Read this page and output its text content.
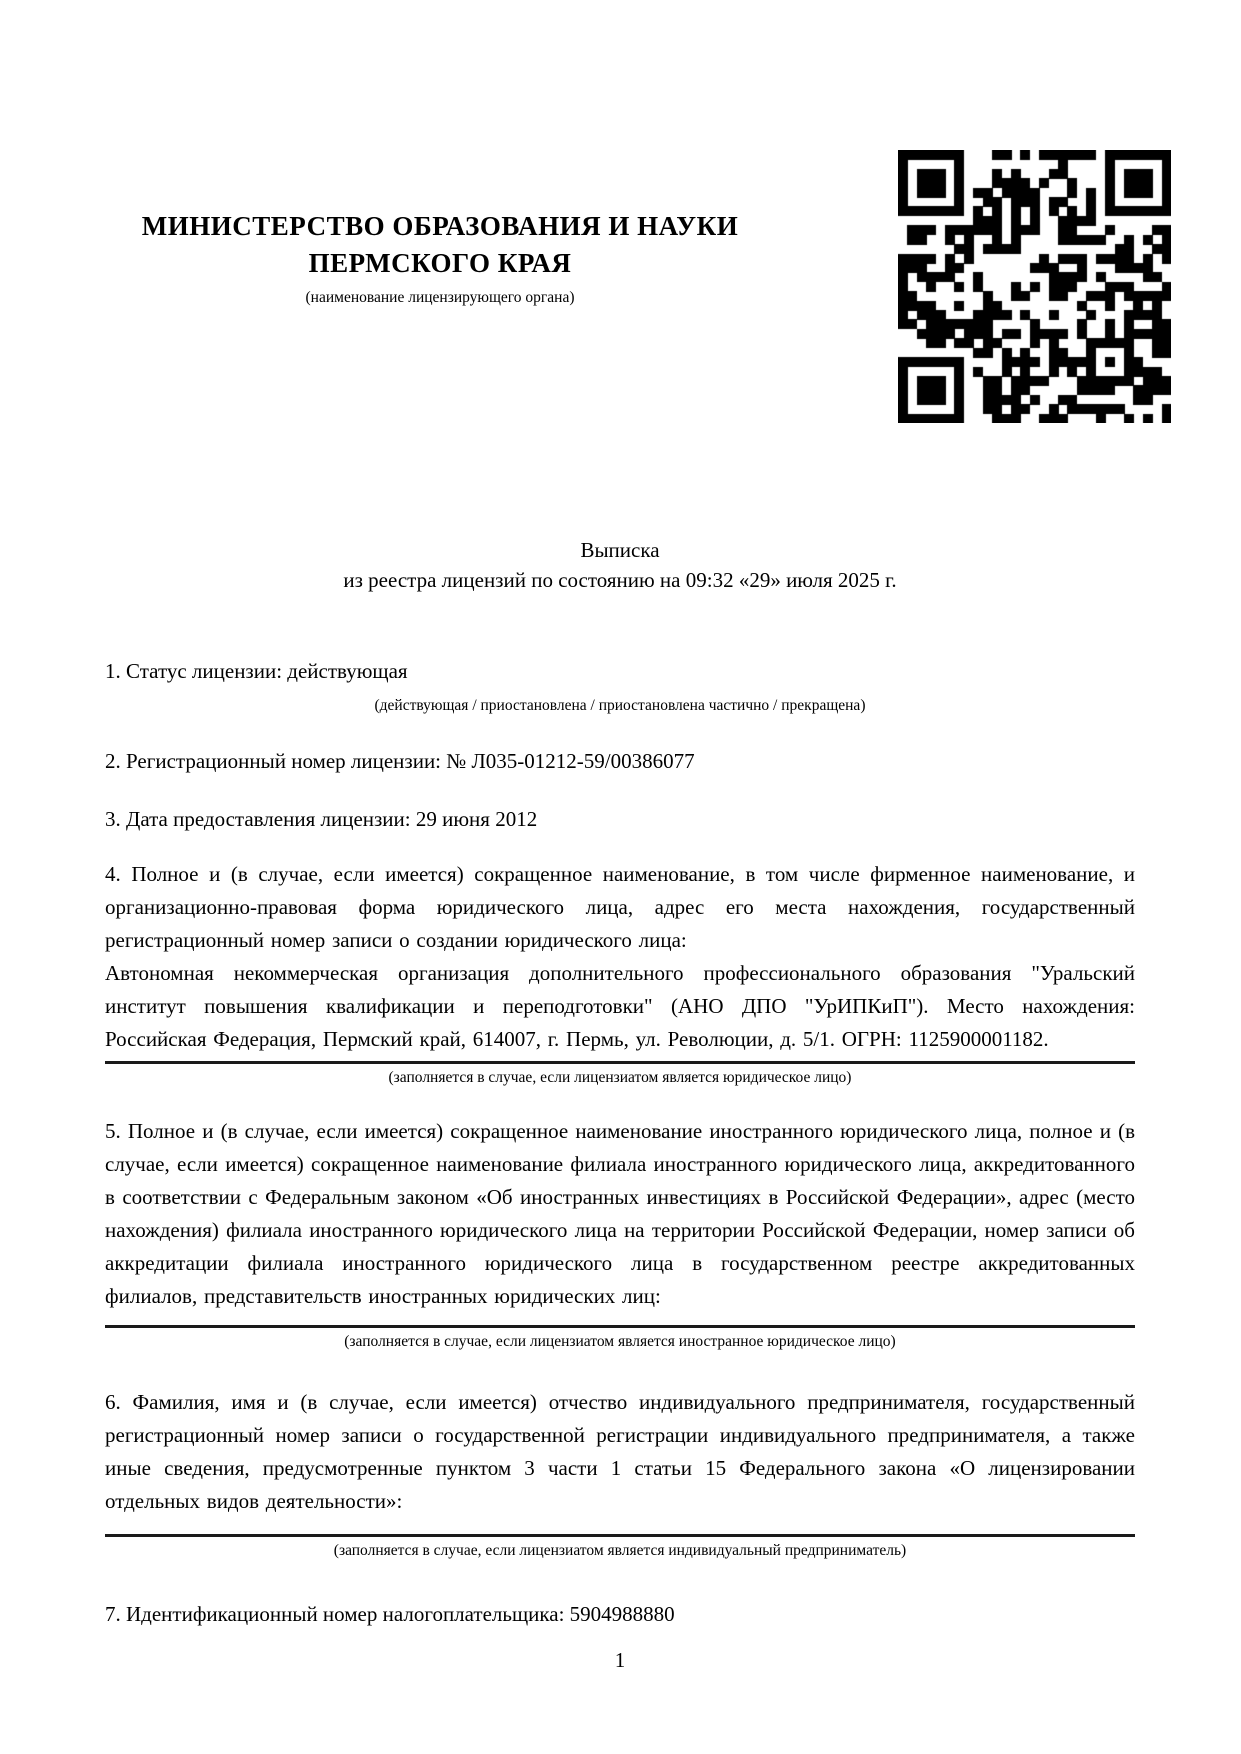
МИНИСТЕРСТВО ОБРАЗОВАНИЯ И НАУКИ
ПЕРМСКОГО КРАЯ
(наименование лицензирующего органа)
Выписка
из реестра лицензий по состоянию на 09:32 «29» июля 2025 г.

1. Статус лицензии: действующая

(действующая / приостановлена / приостановлена частично / прекращена)

2. Регистрационный номер лицензии: № Л035-01212-59/00386077

3. Дата предоставления лицензии: 29 июня 2012

4. Полное и (в случае, если имеется) сокращенное наименование, в том числе фирменное наименование, и организационно-правовая форма юридического лица, адрес его места нахождения, государственный регистрационный номер записи о создании юридического лица:

Автономная некоммерческая организация дополнительного профессионального образования "Уральский институт повышения квалификации и переподготовки" (АНО ДПО "УрИПКиП"). Место нахождения: Российская Федерация, Пермский край, 614007, г. Пермь, ул. Революции, д. 5/1. ОГРН: 1125900001182.

(заполняется в случае, если лицензиатом является юридическое лицо)

5. Полное и (в случае, если имеется) сокращенное наименование иностранного юридического лица, полное и (в случае, если имеется) сокращенное наименование филиала иностранного юридического лица, аккредитованного в соответствии с Федеральным законом «Об иностранных инвестициях в Российской Федерации», адрес (место нахождения) филиала иностранного юридического лица на территории Российской Федерации, номер записи об аккредитации филиала иностранного юридического лица в государственном реестре аккредитованных филиалов, представительств иностранных юридических лиц:

(заполняется в случае, если лицензиатом является иностранное юридическое лицо)

6. Фамилия, имя и (в случае, если имеется) отчество индивидуального предпринимателя, государственный регистрационный номер записи о государственной регистрации индивидуального предпринимателя, а также иные сведения, предусмотренные пунктом 3 части 1 статьи 15 Федерального закона «О лицензировании отдельных видов деятельности»:

(заполняется в случае, если лицензиатом является индивидуальный предприниматель)

7. Идентификационный номер налогоплательщика: 5904988880

1
